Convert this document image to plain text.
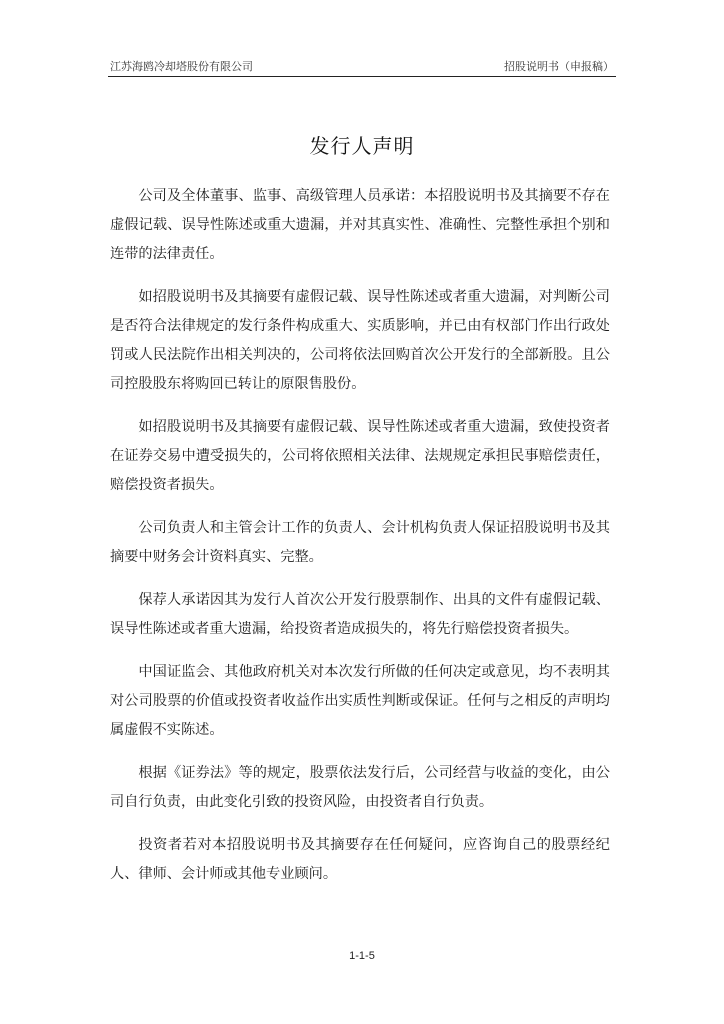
江苏海鸥冷却塔股份有限公司	招股说明书（申报稿）
发行人声明

公司及全体董事、监事、高级管理人员承诺：本招股说明书及其摘要不存在虚假记载、误导性陈述或重大遗漏，并对其真实性、准确性、完整性承担个别和连带的法律责任。

如招股说明书及其摘要有虚假记载、误导性陈述或者重大遗漏，对判断公司是否符合法律规定的发行条件构成重大、实质影响，并已由有权部门作出行政处罚或人民法院作出相关判决的，公司将依法回购首次公开发行的全部新股。且公司控股股东将购回已转让的原限售股份。

如招股说明书及其摘要有虚假记载、误导性陈述或者重大遗漏，致使投资者在证券交易中遭受损失的，公司将依照相关法律、法规规定承担民事赔偿责任，赔偿投资者损失。

公司负责人和主管会计工作的负责人、会计机构负责人保证招股说明书及其摘要中财务会计资料真实、完整。

保荐人承诺因其为发行人首次公开发行股票制作、出具的文件有虚假记载、误导性陈述或者重大遗漏，给投资者造成损失的，将先行赔偿投资者损失。

中国证监会、其他政府机关对本次发行所做的任何决定或意见，均不表明其对公司股票的价值或投资者收益作出实质性判断或保证。任何与之相反的声明均属虚假不实陈述。

根据《证券法》等的规定，股票依法发行后，公司经营与收益的变化，由公司自行负责，由此变化引致的投资风险，由投资者自行负责。

投资者若对本招股说明书及其摘要存在任何疑问，应咨询自己的股票经纪人、律师、会计师或其他专业顾问。

1-1-5
